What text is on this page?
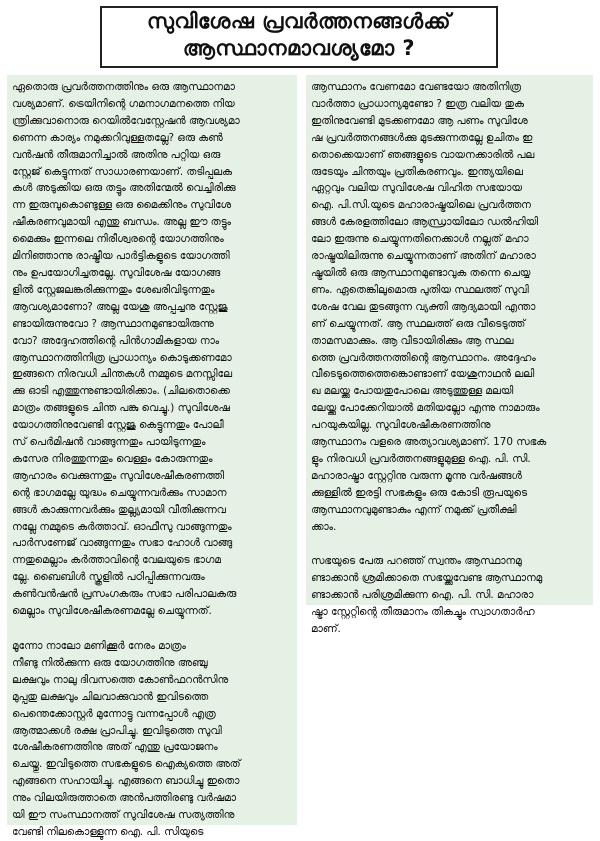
സുവിശേഷ പ്രവർത്തനങ്ങൾക്ക്
ആസ്ഥാനമാവശ്യമോ ?
ഏതൊരു പ്രവർത്തനത്തിനും ഒരു ആസ്ഥാനമാ
വശ്യമാണ്. ട്രെയിനിന്റെ ഗമനാഗമനത്തെ നിയ
ന്ത്രിക്കുവാനൊരു റെയിൽവേസ്റ്റേഷൻ ആവശ്യമാ
ണെന്ന കാര്യം നമുക്കറിവുള്ളതല്ലേ? ഒരു കൺ
വൻഷൻ തീരുമാനിച്ചാൽ അതിനു പറ്റിയ ഒരു
സ്റ്റേജ് കെട്ടുന്നത് സാധാരണയാണ്. തടിപ്പലക
കൾ അടുക്കിയ ഒരു തട്ടും അതിന്മേൽ വെച്ചിരിക്കു
ന്ന ഇരുമ്പുകൊണ്ടുള്ള ഒരു മൈക്കിനും സുവിശേ
ഷീകരണവുമായി എന്തു ബന്ധം. അല്ല ഈ തട്ടും
മൈക്കും ഇന്നലെ നിരീശ്വരന്റെ യോഗത്തിനും
മിനിഞ്ഞാന്നു രാഷ്ട്രീയ പാർട്ടികളുടെ യോഗത്തി
നും ഉപയോഗിച്ചതല്ലേ. സുവിശേഷ യോഗങ്ങ
ളിൽ സ്റ്റേജലങ്കരിക്കുന്നതും ശേഖരിവിടുന്നതും
ആവശ്യമാണോ? അല്ല യേശു അപ്പച്ചനു സ്റ്റേജു
ണ്ടായിരുന്നുവോ ? ആസ്ഥാനമുണ്ടായിരുന്നു
വോ? അദ്ദേഹത്തിന്റെ പിൻഗാമികളായ നാം
ആസ്ഥാനത്തിനിത്ര പ്രാധാന്യം കൊടുക്കണമോ
ഇങ്ങനെ നിരവധി ചിന്തകൾ നമ്മുടെ മനസ്സിലേ
ക്കു ഓടി എത്തുന്നുണ്ടായിരിക്കാം. (ചിലതൊക്കെ
മാത്രം തങ്ങളുടെ ചിന്ത പങ്കു വെച്ചു.) സുവിശേഷ
യോഗത്തിനുവേണ്ടി സ്റ്റേജു കെട്ടുന്നതും പോലീ
സ് പെർമിഷൻ വാങ്ങുന്നതും പായിടുന്നതും
കസേര നിരത്തുന്നതും വെള്ളം കോരുന്നതും
ആഹാരം വെക്കുന്നതും സുവിശേഷീകരണത്തി
ന്റെ ഭാഗമല്ലേ യുദ്ധം ചെയ്യുന്നവർക്കും സാമാന
ങ്ങൾ കാക്കുന്നവർക്കും തുല്ല്യമായി വീതിക്കുന്നവ
നല്ലേ നമ്മുടെ കർത്താവ്. ഓഫീസു വാങ്ങുന്നതും
പാർസണേജ് വാങ്ങുന്നതും സഭാ ഹോൾ വാങ്ങു
ന്നതുമെല്ലാം കർത്താവിന്റെ വേലയുടെ ഭാഗമ
ല്ലേ. ബൈബിൾ സ്കൂളിൽ പഠിപ്പിക്കുന്നവരും
കൺവൻഷൻ പ്രസംഗകരും സഭാ പരിപാലകരു
മെല്ലാം സുവിശേഷീകരണമല്ലേ ചെയ്യുന്നത്.
മൂന്നോ നാലോ മണിക്കൂർ നേരം മാത്രം
നീണ്ടു നിൽക്കുന്ന ഒരു യോഗത്തിനു അഞ്ചു
ലക്ഷവും നാലു ദിവസത്തെ കോൺഫറൻസിനു
മുപ്പതു ലക്ഷവും ചിലവാക്കുവാൻ ഇവിടത്തെ
പെന്തെക്കോസ്റ്റർ മുന്നോട്ടു വന്നപ്പോൾ എത്ര
ആത്മാക്കൾ രക്ഷ പ്രാപിച്ചു. ഇവിടുത്തെ സുവി
ശേഷീകരണത്തിനു അത് എന്തു പ്രയോജനം
ചെയ്തു. ഇവിടുത്തെ സഭകളുടെ ഐക്യത്തെ അത്
എങ്ങനെ സഹായിച്ചു. എങ്ങനെ ബാധിച്ചു ഇതൊ
ന്നും വിലയിരുത്താതെ അൻപത്തിരണ്ടു വർഷമാ
യി ഈ സംസ്ഥാനത്ത് സുവിശേഷ സത്യത്തിനു
വേണ്ടി നിലകൊള്ളുന്ന ഐ. പി. സിയുടെ
ആസ്ഥാനം വേണമോ വേണ്ടയോ അതിനിത്ര
വാർത്താ പ്രാധാന്യമുണ്ടോ ? ഇത്ര വലിയ തുക
ഇതിനുവേണ്ടി മുടക്കണമോ ആ പണം സുവിശേ
ഷ പ്രവർത്തനങ്ങൾക്കു മുടക്കുന്നതല്ലേ ഉചിതം ഇ
തൊക്കെയാണ് ഞങ്ങളുടെ വായനക്കാരിൽ പല
രുടേയും ചിന്തയും പ്രതികരണവും. ഇന്ത്യയിലെ
ഏറ്റവും വലിയ സുവിശേഷ വിഹിത സഭയായ
ഐ. പി.സി.യുടെ മഹാരാഷ്ട്രയിലെ പ്രവർത്തന
ങ്ങൾ കേരളത്തിലോ ആന്ധ്രായിലോ ഡൽഹിയി
ലോ ഇരുന്നു ചെയ്യുന്നതിനെക്കാൾ നല്ലത് മഹാ
രാഷ്ട്രയിലിരുന്നു ചെയ്യുന്നതാണ് അതിന് മഹാരാ
ഷ്ട്രയിൽ ഒരു ആസ്ഥാനമുണ്ടാവുക തന്നെ ചെയ്യ
ണം. ഏതെങ്കിലുമൊരു പുതിയ സ്ഥലത്ത് സുവി
ശേഷ വേല തുടങ്ങുന്ന വ്യക്തി ആദ്യമായി എന്താ
ണ് ചെയ്യുന്നത്. ആ സ്ഥലത്ത് ഒരു വീടെടുത്ത്
താമസമാക്കും. ആ വീടായിരിക്കും ആ സ്ഥല
ത്തെ പ്രവർത്തനത്തിന്റെ ആസ്ഥാനം. അദ്ദേഹം
വീടെടുത്തെത്തെങ്കൊണ്ടാണ് യേശുനാഥൻ ലലി
ഖ മലയ്ക്കു പോയതുപോലെ അടുത്തുള്ള മലയി
ലേയ്ക്കു പോക്കേറിയാൽ മതിയല്ലോ എന്നു നാമാരും
പറയുകയില്ല. സുവിശേഷീകരണത്തിനു
ആസ്ഥാനം വളരെ അത്യാവശ്യമാണ്. 170 സഭക
ളും നിരവധി പ്രവർത്തനങ്ങളുമുള്ള ഐ. പി. സി.
മഹാരാഷ്ട്രാ സ്റ്റേറ്റിനു വരുന്ന മൂന്നു വർഷങ്ങൾ
ക്കുള്ളിൽ ഇരട്ടി സഭകളും ഒരു കോടി രൂപയുടെ
ആസ്ഥാനവുമുണ്ടാകും എന്ന് നമുക്ക് പ്രതീക്ഷി
ക്കാം.
സഭയുടെ പേരു പറഞ്ഞ് സ്വന്തം ആസ്ഥാനമു
ണ്ടാക്കാൻ ശ്രമിക്കാതെ സഭയ്ക്കുവേണ്ട ആസ്ഥാനമു
ണ്ടാക്കാൻ പരിശ്രമിക്കുന്ന ഐ. പി. സി. മഹാരാ
ഷ്ട്രാ സ്റ്റേറ്റിന്റെ തീരുമാനം തികച്ചും സ്വാഗതാർഹ
മാണ്.
